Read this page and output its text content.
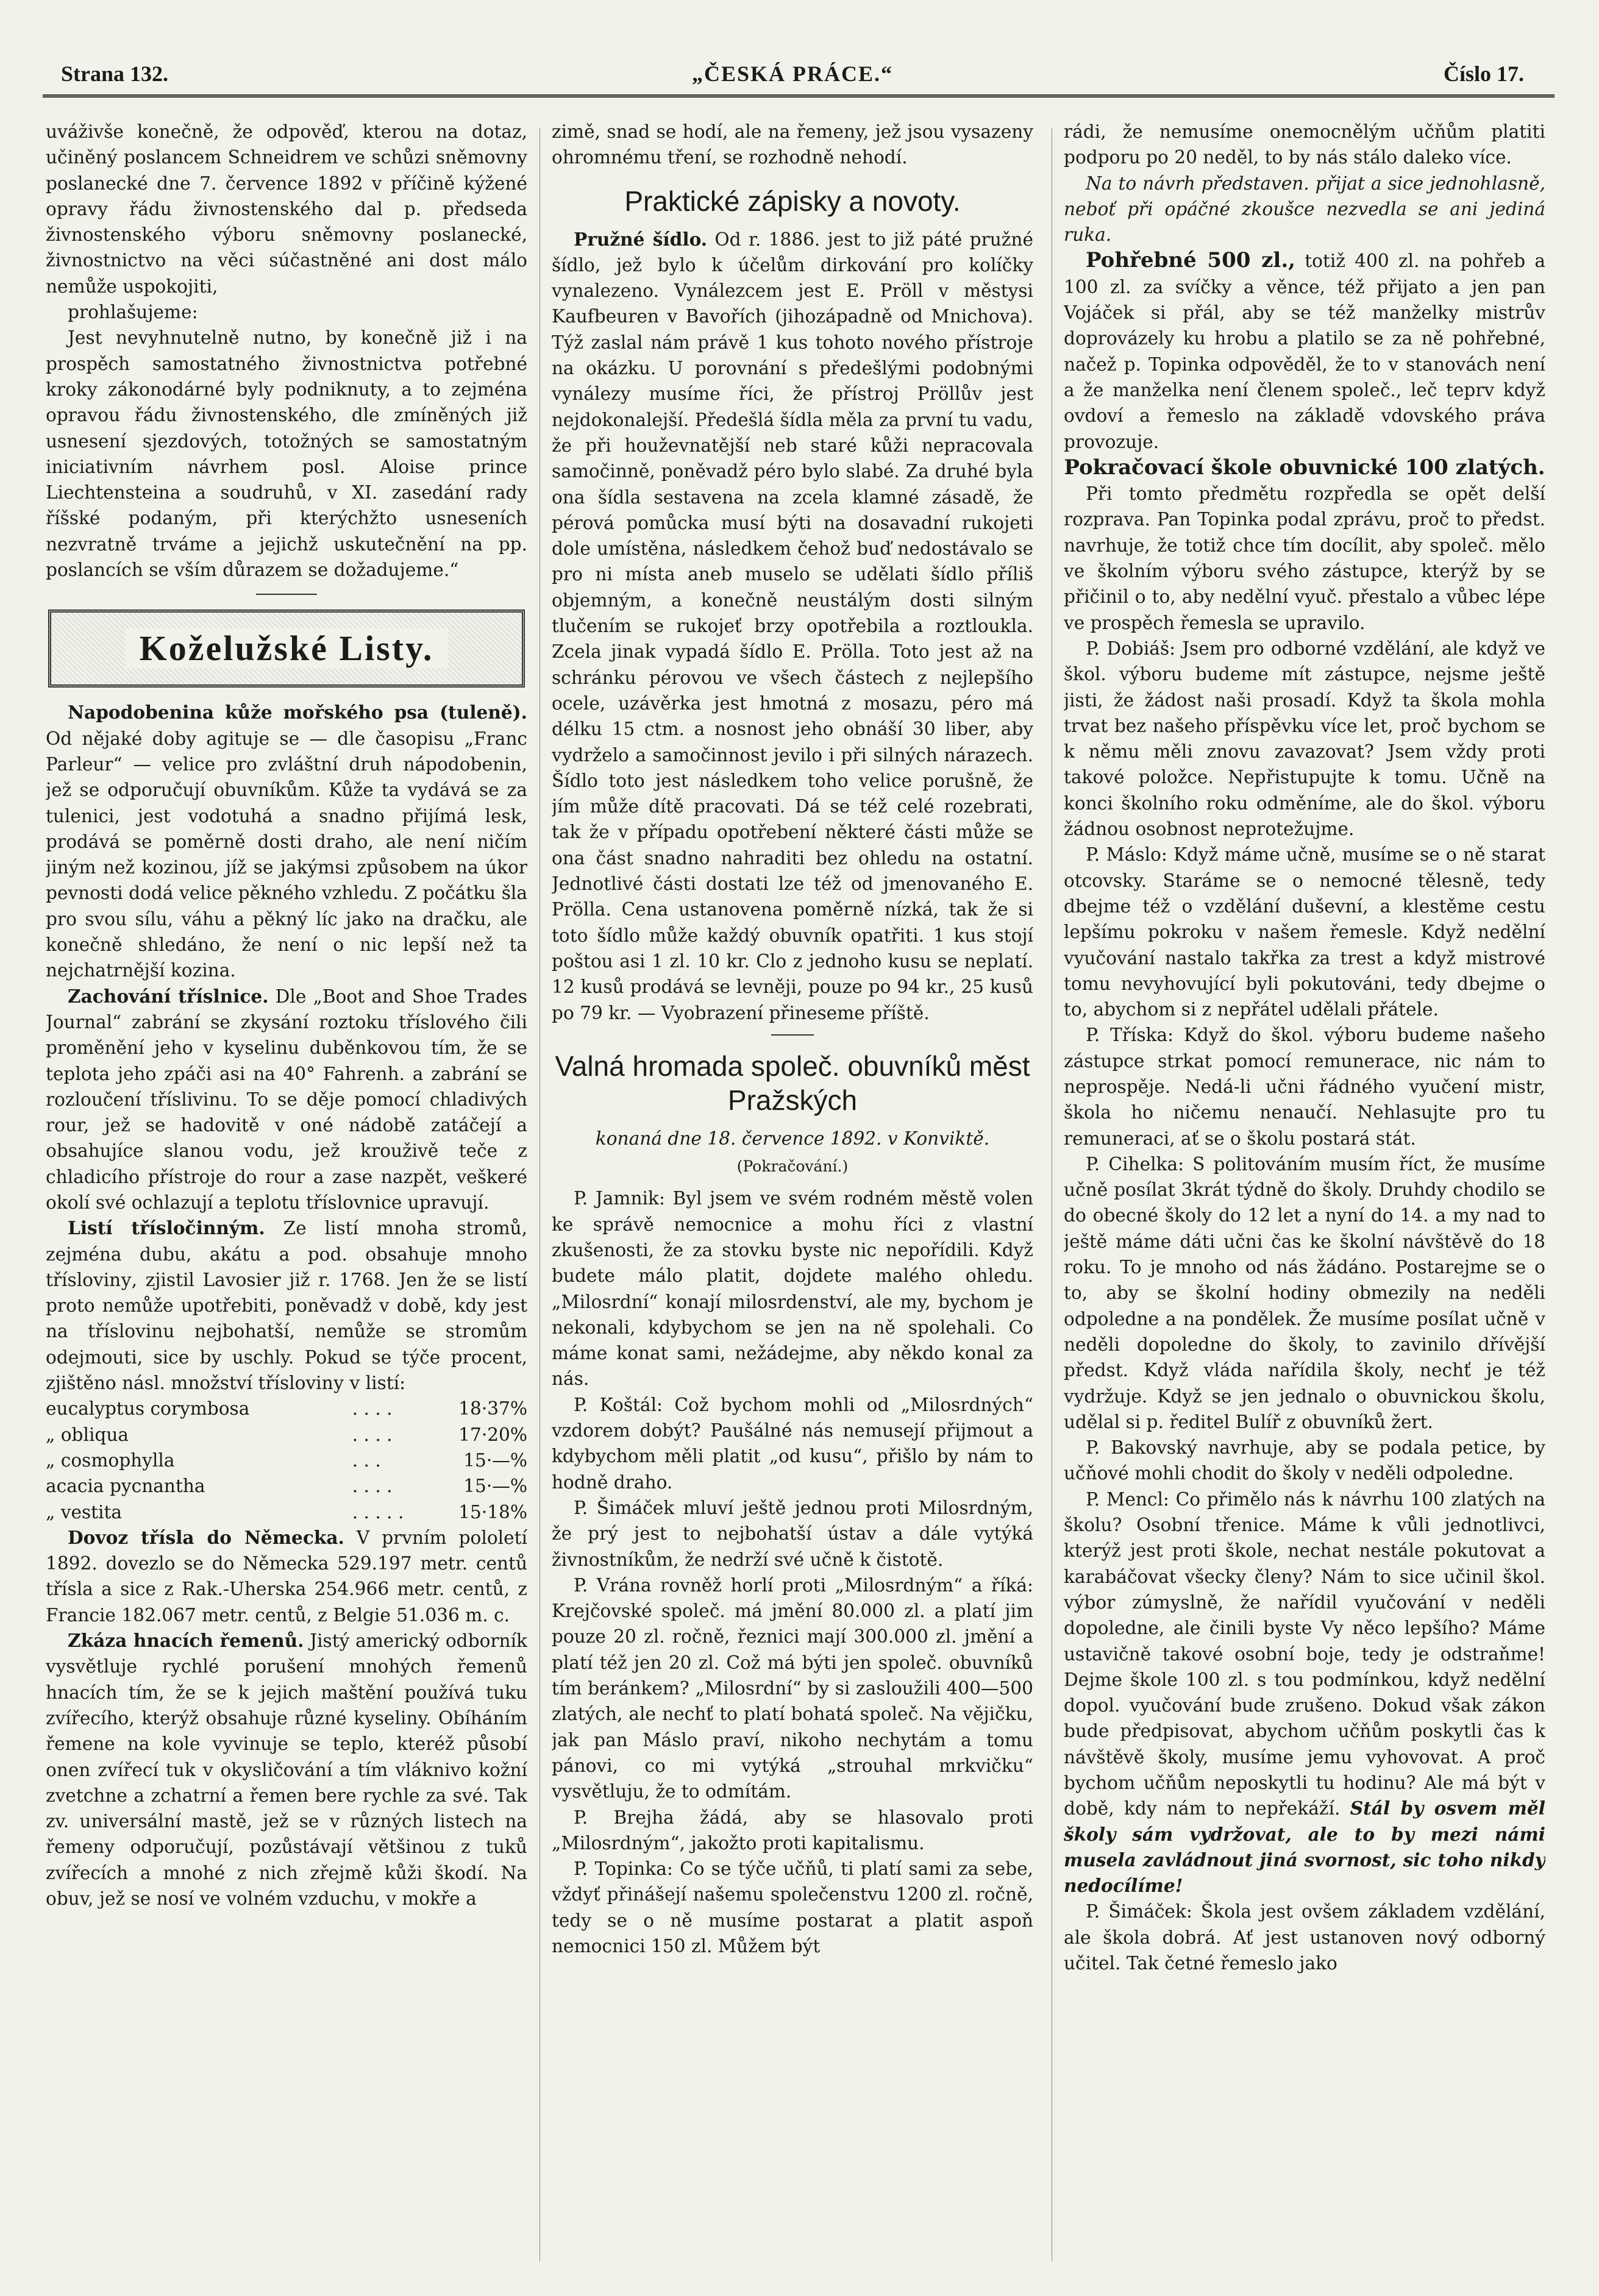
Strana 132.	„ČESKÁ PRÁCE.“	Číslo 17.

uváživše konečně, že odpověď, kterou na dotaz, učiněný poslancem Schneidrem ve schůzi sněmovny poslanecké dne 7. července 1892 v příčině kýžené opravy řádu živnostenského dal p. předseda živnostenského výboru sněmovny poslanecké, živnostnictvo na věci súčastněné ani dost málo nemůže uspokojiti,

prohlašujeme:

Jest nevyhnutelně nutno, by konečně již i na prospěch samostatného živnostnictva potřebné kroky zákonodárné byly podniknuty, a to zejména opravou řádu živnostenského, dle zmíněných již usnesení sjezdových, totožných se samostatným iniciativním návrhem posl. Aloise prince Liechtensteina a soudruhů, v XI. zasedání rady říšské podaným, při kterýchžto usneseních nezvratně trváme a jejichž uskutečnění na pp. poslancích se vším důrazem se dožadujeme.“

Koželužské Listy.

Napodobenina kůže mořského psa (tuleně). Od nějaké doby agituje se — dle časopisu „Franc Parleur“ — velice pro zvláštní druh nápodobenin, jež se odporučují obuvníkům. Kůže ta vydává se za tulenici, jest vodotuhá a snadno přijímá lesk, prodává se poměrně dosti draho, ale není ničím jiným než kozinou, jíž se jakýmsi způsobem na úkor pevnosti dodá velice pěkného vzhledu. Z počátku šla pro svou sílu, váhu a pěkný líc jako na dračku, ale konečně shledáno, že není o nic lepší než ta nejchatrnější kozina.

Zachování tříslnice. Dle „Boot and Shoe Trades Journal“ zabrání se zkysání roztoku tříslového čili proměnění jeho v kyselinu duběnkovou tím, že se teplota jeho zpáči asi na 40° Fahrenh. a zabrání se rozloučení tříslivinu. To se děje pomocí chladivých rour, jež se hadovitě v oné nádobě zatáčejí a obsahujíce slanou vodu, jež krouživě teče z chladicího přístroje do rour a zase nazpět, veškeré okolí své ochlazují a teplotu tříslovnice upravují.

Listí třísločinným. Ze listí mnoha stromů, zejména dubu, akátu a pod. obsahuje mnoho tříslovinу, zjistil Lavosier již r. 1768. Jen že se listí proto nemůže upotřebiti, poněvadž v době, kdy jest na tříslovinu nejbohatší, nemůže se stromům odejmouti, sice by uschly. Pokud se týče procent, zjištěno násl. množství tříslovinу v listí:

eucalyptus corymbosa	. . . .	18·37%
„ obliqua	. . . .	17·20%
„ cosmophylla	. . .	15·—%
acacia pycnantha	. . . .	15·—%
„ vestita	. . . . .	15·18%

Dovoz třísla do Německa. V prvním pololetí 1892. dovezlo se do Německa 529.197 metr. centů třísla a sice z Rak.-Uherska 254.966 metr. centů, z Francie 182.067 metr. centů, z Belgie 51.036 m. c.

Zkáza hnacích řemenů. Jistý americký odborník vysvětluje rychlé porušení mnohých řemenů hnacích tím, že se k jejich maštění používá tuku zvířecího, kterýž obsahuje různé kyseliny. Obíháním řemene na kole vyvinuje se teplo, kteréž působí onen zvířecí tuk v okysličování a tím vláknivo kožní zvetchne a zchatrní a řemen bere rychle za své. Tak zv. universální mastě, jež se v různých listech na řemeny odporučují, pozůstávají většinou z tuků zvířecích a mnohé z nich zřejmě kůži škodí. Na obuv, jež se nosí ve volném vzduchu, v mokře a

zimě, snad se hodí, ale na řemeny, jež jsou vysazeny ohromnému tření, se rozhodně nehodí.

Praktické zápisky a novoty.

Pružné šídlo. Od r. 1886. jest to již páté pružné šídlo, jež bylo k účelům dirkování pro kolíčky vynalezeno. Vynálezcem jest E. Pröll v městysi Kaufbeuren v Bavořích (jihozápadně od Mnichova). Týž zaslal nám právě 1 kus tohoto nového přístroje na okázku. U porovnání s předešlými podobnými vynálezy musíme říci, že přístroj Pröllův jest nejdokonalejší. Předešlá šídla měla za první tu vadu, že při houževnatější neb staré kůži nepracovala samočinně, poněvadž péro bylo slabé. Za druhé byla ona šídla sestavena na zcela klamné zásadě, že pérová pomůcka musí býti na dosavadní rukojeti dole umístěna, následkem čehož buď nedostávalo se pro ni místa aneb muselo se udělati šídlo příliš objemným, a konečně neustálým dosti silným tlučením se rukojeť brzy opotřebila a roztloukla. Zcela jinak vypadá šídlo E. Prölla. Toto jest až na schránku pérovou ve všech částech z nejlepšího ocele, uzávěrka jest hmotná z mosazu, péro má délku 15 ctm. a nosnost jeho obnáší 30 liber, aby vydrželo a samočinnost jevilo i při silných nárazech. Šídlo toto jest následkem toho velice porušně, že jím může dítě pracovati. Dá se též celé rozebrati, tak že v případu opotřebení některé části může se ona část snadno nahraditi bez ohledu na ostatní. Jednotlivé části dostati lze též od jmenovaného E. Prölla. Cena ustanovena poměrně nízká, tak že si toto šídlo může každý obuvník opatřiti. 1 kus stojí poštou asi 1 zl. 10 kr. Clo z jednoho kusu se neplatí. 12 kusů prodává se levněji, pouze po 94 kr., 25 kusů po 79 kr. — Vyobrazení přineseme příště.

Valná hromada společ. obuvníků měst Pražských
konaná dne 18. července 1892. v Konviktě.
(Pokračování.)

P. Jamnik: Byl jsem ve svém rodném městě volen ke správě nemocnice a mohu říci z vlastní zkušenosti, že za stovku byste nic nepořídili. Když budete málo platit, dojdete malého ohledu. „Milosrdní“ konají milosrdenství, ale my, bychom je nekonali, kdybychom se jen na ně spolehali. Co máme konat sami, nežádejme, aby někdo konal za nás.

P. Koštál: Což bychom mohli od „Milosrdných“ vzdorem dobýt? Paušálné nás nemusejí přijmout a kdybychom měli platit „od kusu“, přišlo by nám to hodně draho.

P. Šimáček mluví ještě jednou proti Milosrdným, že prý jest to nejbohatší ústav a dále vytýká živnostníkům, že nedrží své učně k čistotě.

P. Vrána rovněž horlí proti „Milosrdným“ a říká: Krejčovské společ. má jmění 80.000 zl. a platí jim pouze 20 zl. ročně, řeznici mají 300.000 zl. jmění a platí též jen 20 zl. Což má býti jen společ. obuvníků tím beránkem? „Milosrdní“ by si zasloužili 400—500 zlatých, ale nechť to platí bohatá společ. Na vějičku, jak pan Máslo praví, nikoho nechytám a tomu pánovi, co mi vytýká „strouhal mrkvičku“ vysvětluju, že to odmítám.

P. Brejha žádá, aby se hlasovalo proti „Milosrdným“, jakožto proti kapitalismu.

P. Topinka: Co se týče učňů, ti platí sami za sebe, vždyť přinášejí našemu společenstvu 1200 zl. ročně, tedy se o ně musíme postarat a platit aspoň nemocnici 150 zl. Můžem být

rádi, že nemusíme onemocnělým učňům platiti podporu po 20 neděl, to by nás stálo daleko více.

Na to návrh představen. přijat a sice jednohlasně, neboť při opáčné zkoušce nezvedla se ani jediná ruka.

Pohřebné 500 zl., totiž 400 zl. na pohřeb a 100 zl. za svíčky a věnce, též přijato a jen pan Vojáček si přál, aby se též manželky mistrův doprovázely ku hrobu a platilo se za ně pohřebné, načež p. Topinka odpověděl, že to v stanovách není a že manželka není členem společ., leč teprv když ovdoví a řemeslo na základě vdovského práva provozuje.

Pokračovací škole obuvnické 100 zlatých.

Při tomto předmětu rozpředla se opět delší rozprava. Pan Topinka podal zprávu, proč to předst. navrhuje, že totiž chce tím docílit, aby společ. mělo ve školním výboru svého zástupce, kterýž by se přičinil o to, aby nedělní vyuč. přestalo a vůbec lépe ve prospěch řemesla se upravilo.

P. Dobiáš: Jsem pro odborné vzdělání, ale když ve škol. výboru budeme mít zástupce, nejsme ještě jisti, že žádost naši prosadí. Když ta škola mohla trvat bez našeho příspěvku více let, proč bychom se k němu měli znovu zavazovat? Jsem vždy proti takové položce. Nepřistupujte k tomu. Učně na konci školního roku odměníme, ale do škol. výboru žádnou osobnost neprotežujme.

P. Máslo: Když máme učně, musíme se o ně starat otcovsky. Staráme se o nemocné tělesně, tedy dbejme též o vzdělání duševní, a klestěme cestu lepšímu pokroku v našem řemesle. Když nedělní vyučování nastalo takřka za trest a když mistrové tomu nevyhovující byli pokutováni, tedy dbejme o to, abychom si z nepřátel udělali přátele.

P. Tříska: Když do škol. výboru budeme našeho zástupce strkat pomocí remunerace, nic nám to neprospěje. Nedá-li učni řádného vyučení mistr, škola ho ničemu nenaučí. Nehlasujte pro tu remuneraci, ať se o školu postará stát.

P. Cihelka: S politováním musím říct, že musíme učně posílat 3krát týdně do školy. Druhdy chodilo se do obecné školy do 12 let a nyní do 14. a my nad to ještě máme dáti učni čas ke školní návštěvě do 18 roku. To je mnoho od nás žádáno. Postarejme se o to, aby se školní hodiny obmezily na neděli odpoledne a na pondělek. Že musíme posílat učně v neděli dopoledne do školy, to zavinilo dřívější předst. Když vláda nařídila školy, nechť je též vydržuje. Když se jen jednalo o obuvnickou školu, udělal si p. ředitel Bulíř z obuvníků žert.

P. Bakovský navrhuje, aby se podala petice, by učňové mohli chodit do školy v neděli odpoledne.

P. Mencl: Co přimělo nás k návrhu 100 zlatých na školu? Osobní třenice. Máme k vůli jednotlivci, kterýž jest proti škole, nechat nestále pokutovat a karabáčovat všecky členy? Nám to sice učinil škol. výbor zúmyslně, že nařídil vyučování v neděli dopoledne, ale činili byste Vy něco lepšího? Máme ustavičně takové osobní boje, tedy je odstraňme! Dejme škole 100 zl. s tou podmínkou, když nedělní dopol. vyučování bude zrušeno. Dokud však zákon bude předpisovat, abychom učňům poskytli čas k návštěvě školy, musíme jemu vyhovovat. A proč bychom učňům neposkytli tu hodinu? Ale má být v době, kdy nám to nepřekáží. Stál by osvem měl školy sám vydržovat, ale to by mezi námi musela zavládnout jiná svornost, sic toho nikdy nedocílíme!

P. Šimáček: Škola jest ovšem základem vzdělání, ale škola dobrá. Ať jest ustanoven nový odborný učitel. Tak četné řemeslo jako
